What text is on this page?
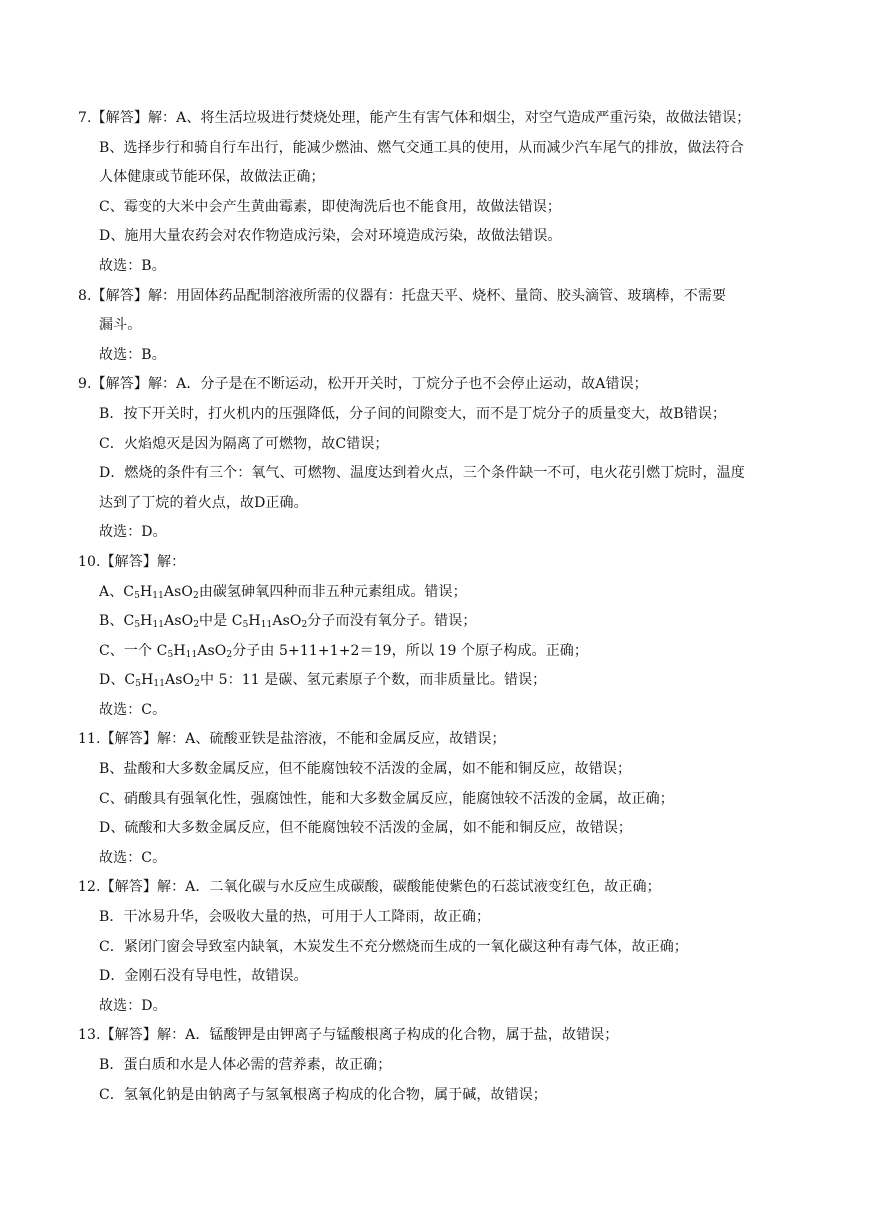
7.【解答】解：A、将生活垃圾进行焚烧处理，能产生有害气体和烟尘，对空气造成严重污染，故做法错误；
B、选择步行和骑自行车出行，能减少燃油、燃气交通工具的使用，从而减少汽车尾气的排放，做法符合
人体健康或节能环保，故做法正确；
C、霉变的大米中会产生黄曲霉素，即使淘洗后也不能食用，故做法错误；
D、施用大量农药会对农作物造成污染，会对环境造成污染，故做法错误。
故选：B。
8.【解答】解：用固体药品配制溶液所需的仪器有：托盘天平、烧杯、量筒、胶头滴管、玻璃棒，不需要
漏斗。
故选：B。
9.【解答】解：A．分子是在不断运动，松开开关时，丁烷分子也不会停止运动，故A错误；
B．按下开关时，打火机内的压强降低，分子间的间隙变大，而不是丁烷分子的质量变大，故B错误；
C．火焰熄灭是因为隔离了可燃物，故C错误；
D．燃烧的条件有三个：氧气、可燃物、温度达到着火点，三个条件缺一不可，电火花引燃丁烷时，温度
达到了丁烷的着火点，故D正确。
故选：D。
10.【解答】解：
A、$C_5H_{11}AsO_2$由碳氢砷氧四种而非五种元素组成。错误；
B、$C_5H_{11}AsO_2$中是 $C_5H_{11}AsO_2$分子而没有氧分子。错误；
C、一个 $C_5H_{11}AsO_2$分子由 5+11+1+2＝19，所以 19 个原子构成。正确；
D、$C_5H_{11}AsO_2$中 5：11 是碳、氢元素原子个数，而非质量比。错误；
故选：C。
11.【解答】解：A、硫酸亚铁是盐溶液，不能和金属反应，故错误；
B、盐酸和大多数金属反应，但不能腐蚀较不活泼的金属，如不能和铜反应，故错误；
C、硝酸具有强氧化性，强腐蚀性，能和大多数金属反应，能腐蚀较不活泼的金属，故正确；
D、硫酸和大多数金属反应，但不能腐蚀较不活泼的金属，如不能和铜反应，故错误；
故选：C。
12.【解答】解：A．二氧化碳与水反应生成碳酸，碳酸能使紫色的石蕊试液变红色，故正确；
B．干冰易升华，会吸收大量的热，可用于人工降雨，故正确；
C．紧闭门窗会导致室内缺氧，木炭发生不充分燃烧而生成的一氧化碳这种有毒气体，故正确；
D．金刚石没有导电性，故错误。
故选：D。
13.【解答】解：A．锰酸钾是由钾离子与锰酸根离子构成的化合物，属于盐，故错误；
B．蛋白质和水是人体必需的营养素，故正确；
C．氢氧化钠是由钠离子与氢氧根离子构成的化合物，属于碱，故错误；
